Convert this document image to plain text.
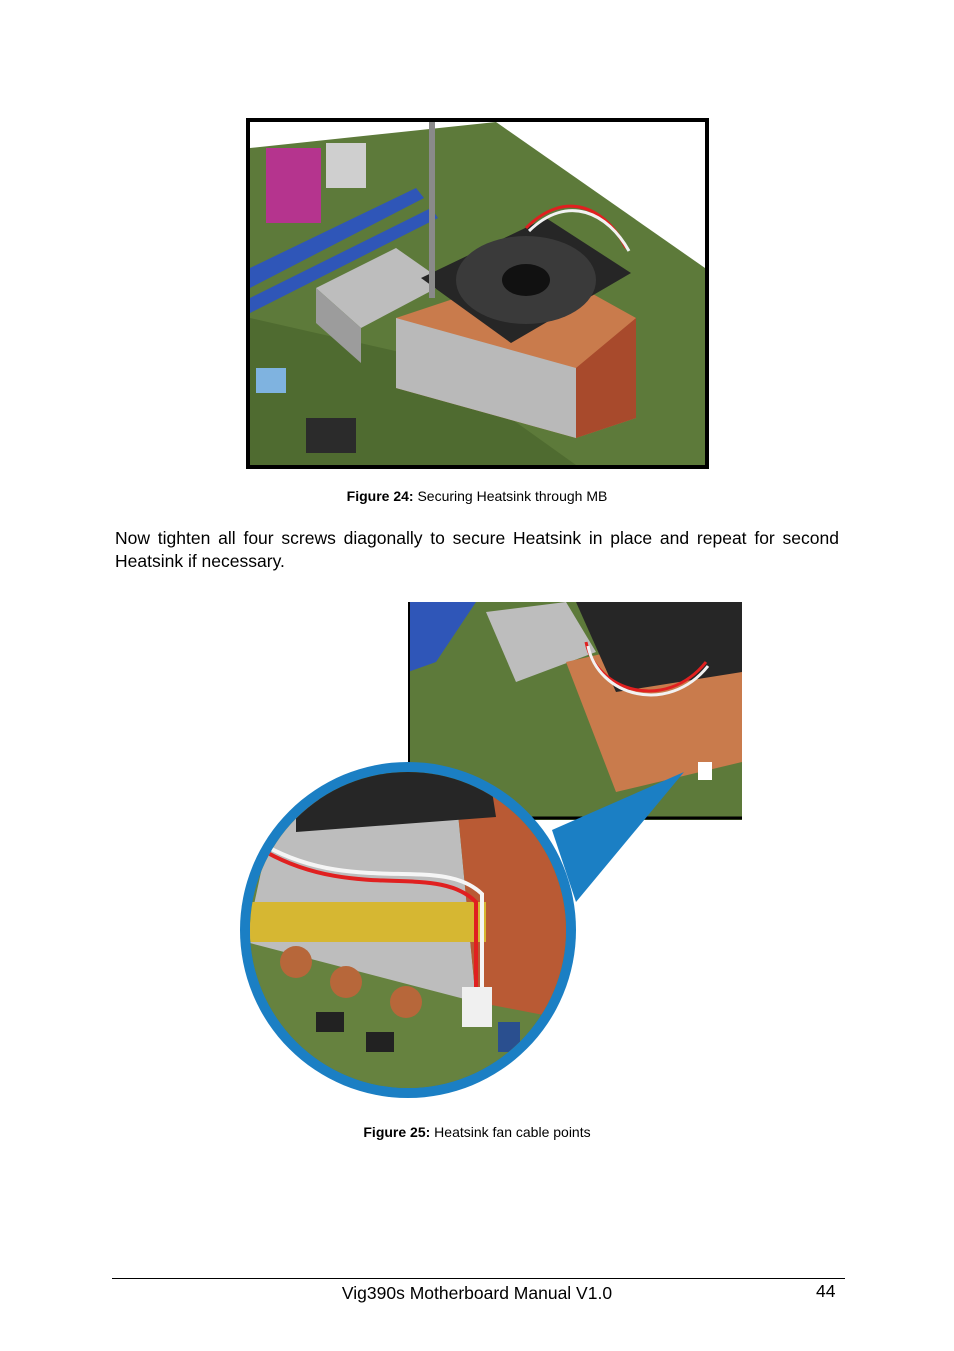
Figure 24: Securing Heatsink through MB
Now tighten all four screws diagonally to secure Heatsink in place and repeat for second Heatsink if necessary.
Figure 25: Heatsink fan cable points
Vig390s Motherboard Manual V1.0	44
